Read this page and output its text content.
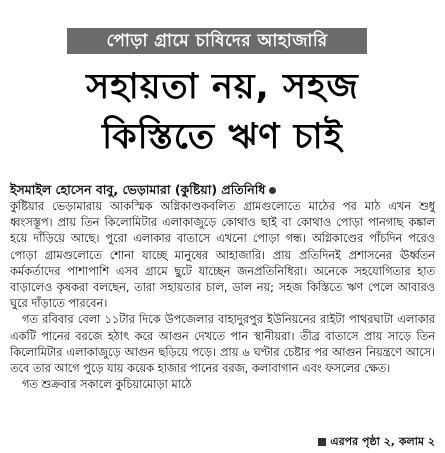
পোড়া গ্রামে চাষিদের আহাজারি
সহায়তা নয়, সহজ
কিস্তিতে ঋণ চাই
ইসমাইল হোসেন বাবু, ভেড়ামারা (কুষ্টিয়া) প্রতিনিধি

কুষ্টিয়ার ভেড়ামারায় আকস্মিক অগ্নিকাণ্ডকবলিত গ্রামগুলোতে মাঠের পর মাঠ এখন শুধু ধ্বংসস্তূপ। প্রায় তিন কিলোমিটার এলাকাজুড়ে কোথাও ছাই বা কোথাও পোড়া পানগাছ কঙ্কাল হয়ে দাঁড়িয়ে আছে। পুরো এলাকার বাতাসে এখনো পোড়া গন্ধ। অগ্নিকাণ্ডের পাঁচদিন পরেও পোড়া গ্রামগুলোতে শোনা যাচ্ছে মানুষের আহাজারি। প্রায় প্রতিদিনই প্রশাসনের ঊর্ধ্বতন কর্মকর্তাদের পাশাপাশি এসব গ্রামে ছুটে যাচ্ছেন জনপ্রতিনিধিরা। অনেকে সহযোগিতার হাত বাড়ালেও কৃষকরা বলছেন, তারা সহায়তার চাল, ডাল নয়; সহজ কিস্তিতে ঋণ পেলে আবারও ঘুরে দাঁড়াতে পারবেন।

গত রবিবার বেলা ১১টার দিকে উপজেলার বাহাদুরপুর ইউনিয়নের রাইটা পাথরঘাটা এলাকার একটি পানের বরজে হঠাৎ করে আগুন দেখতে পান স্থানীয়রা। তীব্র বাতাসে প্রায় সাড়ে তিন কিলোমিটার এলাকাজুড়ে আগুন ছড়িয়ে পড়ে। প্রায় ৬ ঘণ্টার চেষ্টার পর আগুন নিয়ন্ত্রণে আসে। তবে তার আগে পুড়ে যায় কয়েক হাজার পানের বরজ, কলাবাগান এবং ফসলের ক্ষেত।

গত শুক্রবার সকালে কুচিয়ামোড়া মাঠে

এরপর পৃষ্ঠা ২, কলাম ২
